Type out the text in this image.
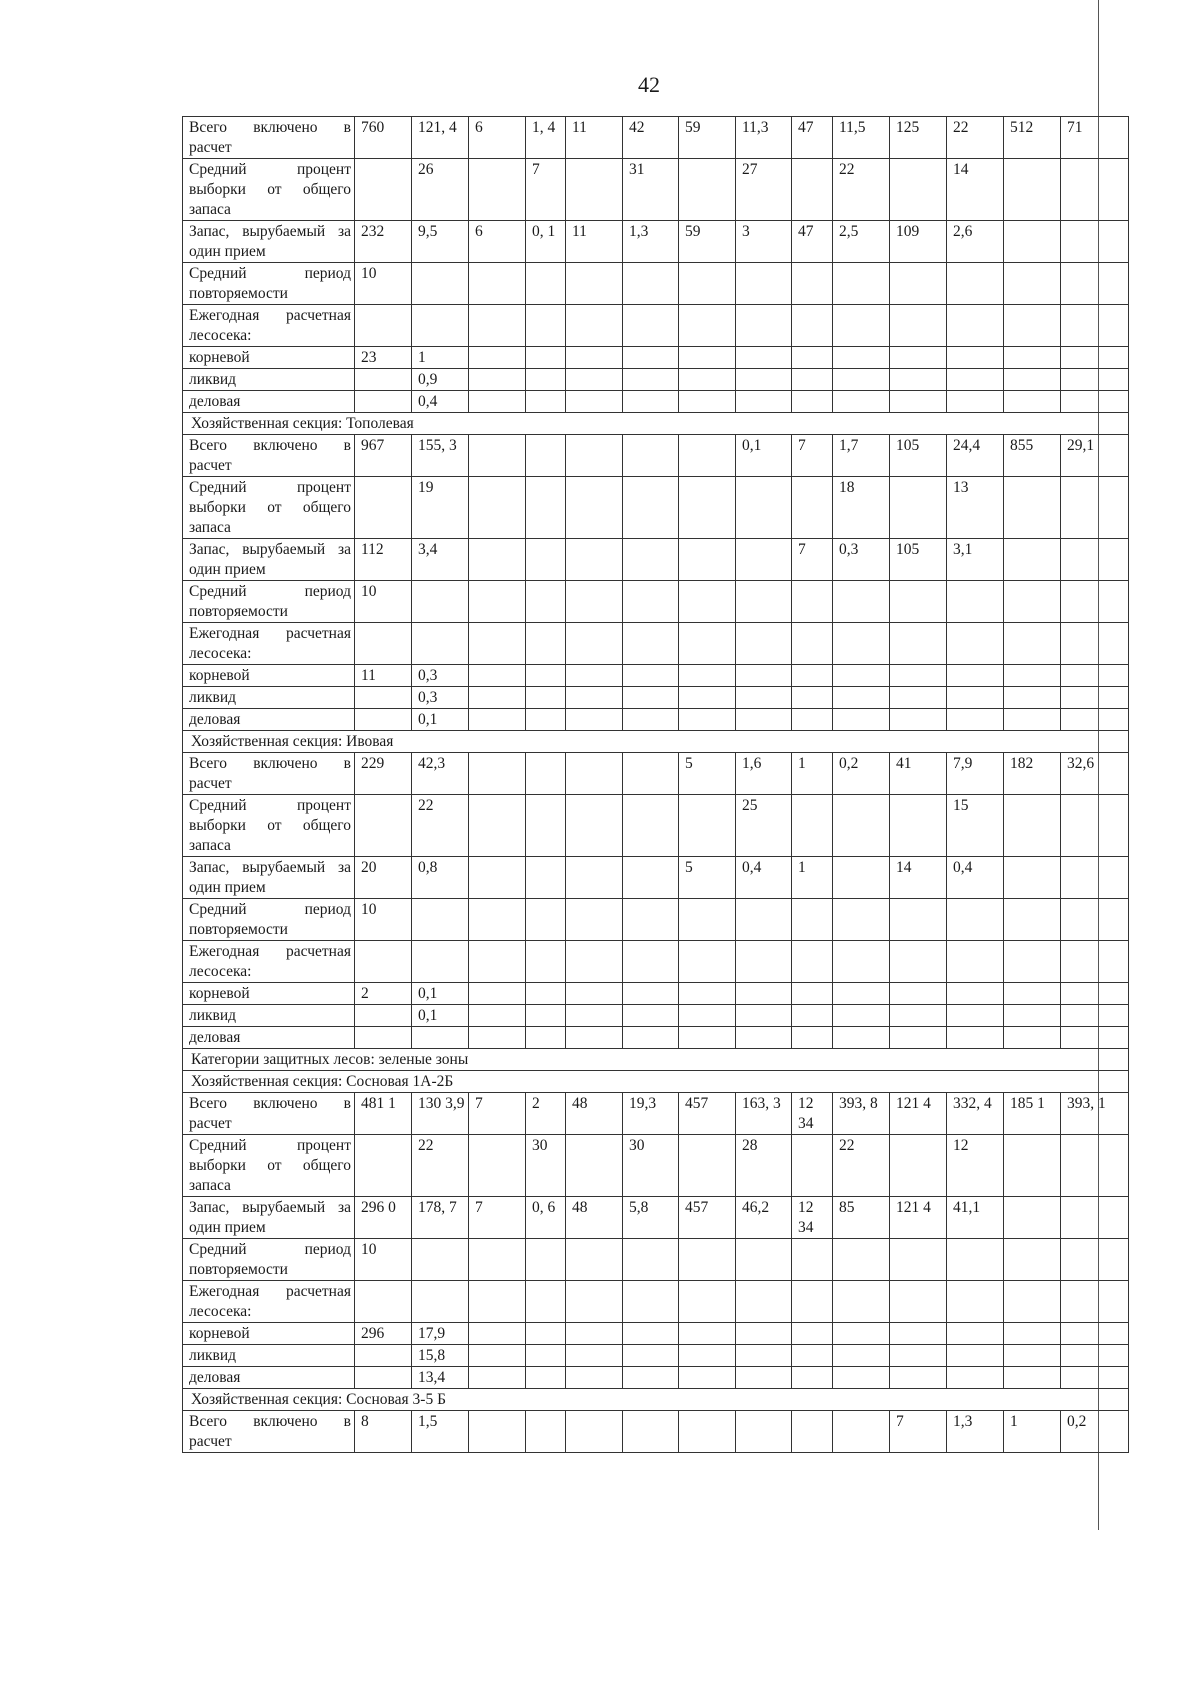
42
Всего включено в расчет	760	121, 4	6	1, 4	11	42	59	11,3	47	11,5	125	22	512	71
Средний процент выборки от общего запаса		26		7		31		27		22		14		
Запас, вырубаемый за один прием	232	9,5	6	0, 1	11	1,3	59	3	47	2,5	109	2,6		
Средний период повторяемости	10													
Ежегодная расчетная лесосека:														
корневой	23	1												
ликвид		0,9												
деловая		0,4												
Хозяйственная секция: Тополевая														
Всего включено в расчет	967	155, 3						0,1	7	1,7	105	24,4	855	29,1
Средний процент выборки от общего запаса		19								18		13		
Запас, вырубаемый за один прием	112	3,4							7	0,3	105	3,1		
Средний период повторяемости	10													
Ежегодная расчетная лесосека:														
корневой	11	0,3												
ликвид		0,3												
деловая		0,1												
Хозяйственная секция: Ивовая														
Всего включено в расчет	229	42,3					5	1,6	1	0,2	41	7,9	182	32,6
Средний процент выборки от общего запаса		22						25				15		
Запас, вырубаемый за один прием	20	0,8					5	0,4	1		14	0,4		
Средний период повторяемости	10													
Ежегодная расчетная лесосека:														
корневой	2	0,1												
ликвид		0,1												
деловая														
Категории защитных лесов: зеленые зоны														
Хозяйственная секция: Сосновая 1А-2Б														
Всего включено в расчет	481 1	130 3,9	7	2	48	19,3	457	163, 3	12 34	393, 8	121 4	332, 4	185 1	393, 1
Средний процент выборки от общего запаса		22		30		30		28		22		12		
Запас, вырубаемый за один прием	296 0	178, 7	7	0, 6	48	5,8	457	46,2	12 34	85	121 4	41,1		
Средний период повторяемости	10													
Ежегодная расчетная лесосека:														
корневой	296	17,9												
ликвид		15,8												
деловая		13,4												
Хозяйственная секция: Сосновая 3-5 Б														
Всего включено в расчет	8	1,5									7	1,3	1	0,2
